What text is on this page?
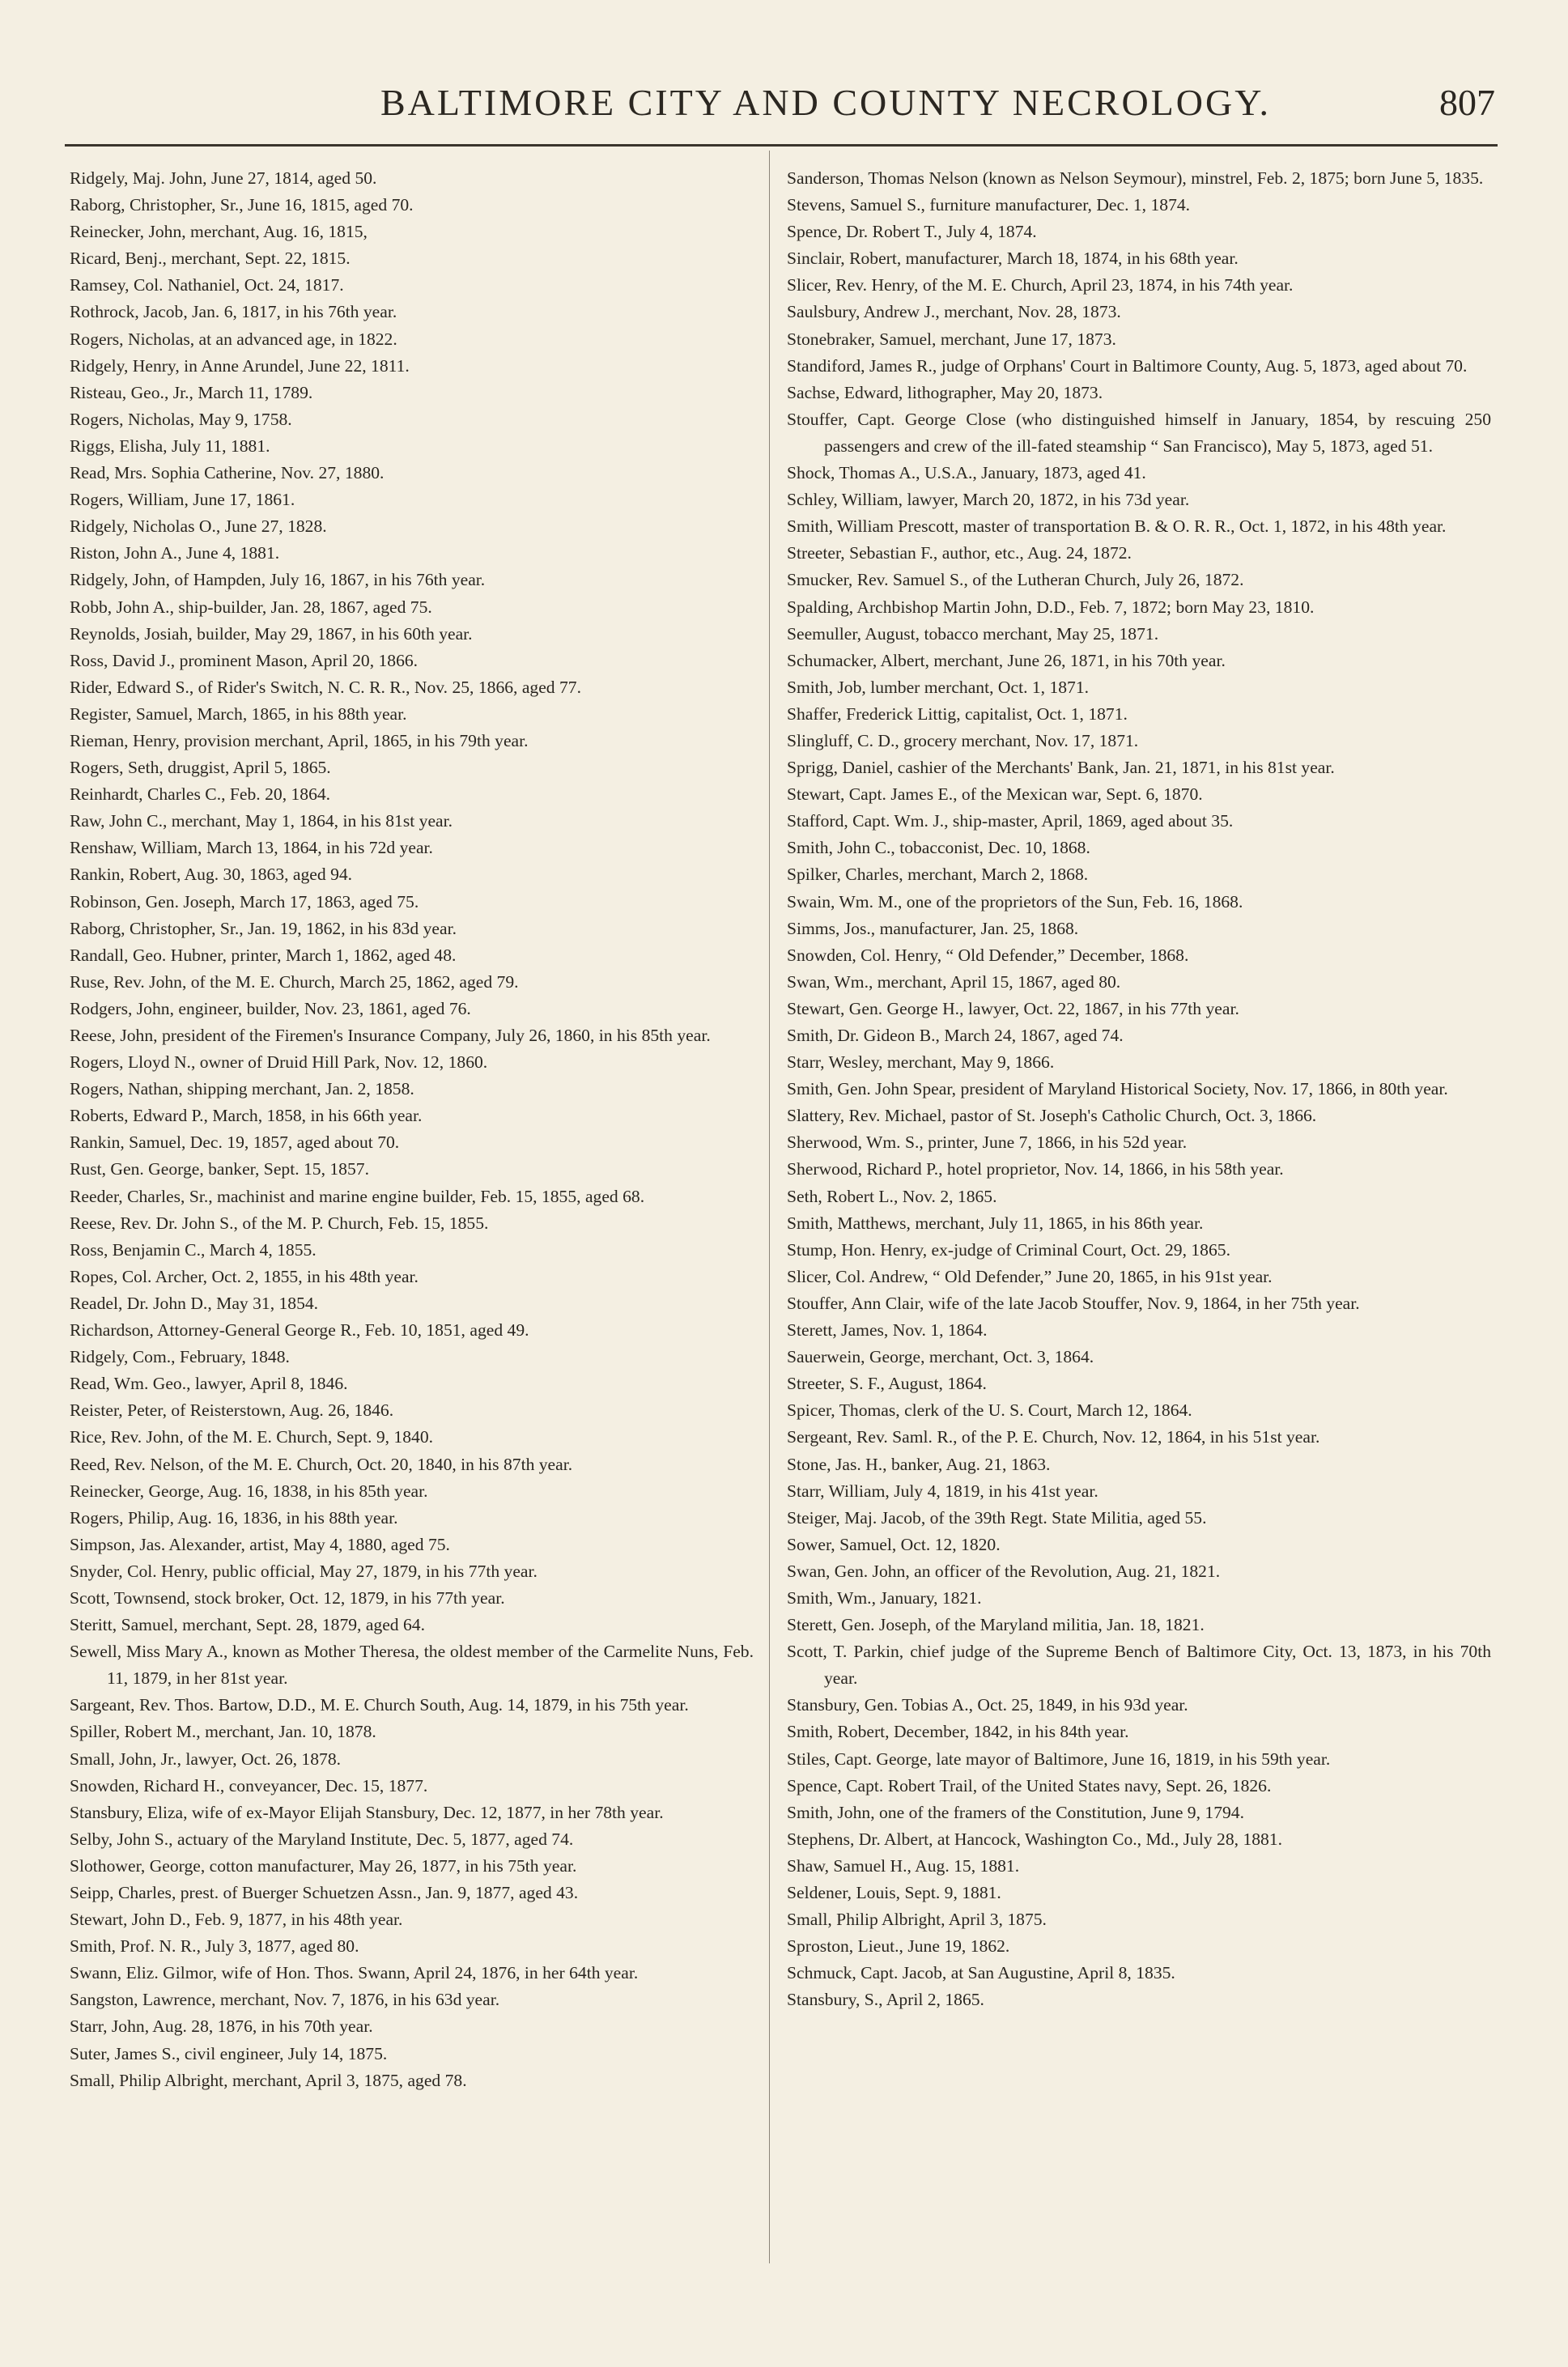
BALTIMORE CITY AND COUNTY NECROLOGY.	807
Ridgely, Maj. John, June 27, 1814, aged 50.
Raborg, Christopher, Sr., June 16, 1815, aged 70.
Reinecker, John, merchant, Aug. 16, 1815,
Ricard, Benj., merchant, Sept. 22, 1815.
Ramsey, Col. Nathaniel, Oct. 24, 1817.
Rothrock, Jacob, Jan. 6, 1817, in his 76th year.
Rogers, Nicholas, at an advanced age, in 1822.
Ridgely, Henry, in Anne Arundel, June 22, 1811.
Risteau, Geo., Jr., March 11, 1789.
Rogers, Nicholas, May 9, 1758.
Riggs, Elisha, July 11, 1881.
Read, Mrs. Sophia Catherine, Nov. 27, 1880.
Rogers, William, June 17, 1861.
Ridgely, Nicholas O., June 27, 1828.
Riston, John A., June 4, 1881.
Ridgely, John, of Hampden, July 16, 1867, in his 76th year.
Robb, John A., ship-builder, Jan. 28, 1867, aged 75.
Reynolds, Josiah, builder, May 29, 1867, in his 60th year.
Ross, David J., prominent Mason, April 20, 1866.
Rider, Edward S., of Rider's Switch, N. C. R. R., Nov. 25, 1866, aged 77.
Register, Samuel, March, 1865, in his 88th year.
Rieman, Henry, provision merchant, April, 1865, in his 79th year.
Rogers, Seth, druggist, April 5, 1865.
Reinhardt, Charles C., Feb. 20, 1864.
Raw, John C., merchant, May 1, 1864, in his 81st year.
Renshaw, William, March 13, 1864, in his 72d year.
Rankin, Robert, Aug. 30, 1863, aged 94.
Robinson, Gen. Joseph, March 17, 1863, aged 75.
Raborg, Christopher, Sr., Jan. 19, 1862, in his 83d year.
Randall, Geo. Hubner, printer, March 1, 1862, aged 48.
Ruse, Rev. John, of the M. E. Church, March 25, 1862, aged 79.
Rodgers, John, engineer, builder, Nov. 23, 1861, aged 76.
Reese, John, president of the Firemen's Insurance Company, July 26, 1860, in his 85th year.
Rogers, Lloyd N., owner of Druid Hill Park, Nov. 12, 1860.
Rogers, Nathan, shipping merchant, Jan. 2, 1858.
Roberts, Edward P., March, 1858, in his 66th year.
Rankin, Samuel, Dec. 19, 1857, aged about 70.
Rust, Gen. George, banker, Sept. 15, 1857.
Reeder, Charles, Sr., machinist and marine engine builder, Feb. 15, 1855, aged 68.
Reese, Rev. Dr. John S., of the M. P. Church, Feb. 15, 1855.
Ross, Benjamin C., March 4, 1855.
Ropes, Col. Archer, Oct. 2, 1855, in his 48th year.
Readel, Dr. John D., May 31, 1854.
Richardson, Attorney-General George R., Feb. 10, 1851, aged 49.
Ridgely, Com., February, 1848.
Read, Wm. Geo., lawyer, April 8, 1846.
Reister, Peter, of Reisterstown, Aug. 26, 1846.
Rice, Rev. John, of the M. E. Church, Sept. 9, 1840.
Reed, Rev. Nelson, of the M. E. Church, Oct. 20, 1840, in his 87th year.
Reinecker, George, Aug. 16, 1838, in his 85th year.
Rogers, Philip, Aug. 16, 1836, in his 88th year.
Simpson, Jas. Alexander, artist, May 4, 1880, aged 75.
Snyder, Col. Henry, public official, May 27, 1879, in his 77th year.
Scott, Townsend, stock broker, Oct. 12, 1879, in his 77th year.
Steritt, Samuel, merchant, Sept. 28, 1879, aged 64.
Sewell, Miss Mary A., known as Mother Theresa, the oldest member of the Carmelite Nuns, Feb. 11, 1879, in her 81st year.
Sargeant, Rev. Thos. Bartow, D.D., M. E. Church South, Aug. 14, 1879, in his 75th year.
Spiller, Robert M., merchant, Jan. 10, 1878.
Small, John, Jr., lawyer, Oct. 26, 1878.
Snowden, Richard H., conveyancer, Dec. 15, 1877.
Stansbury, Eliza, wife of ex-Mayor Elijah Stansbury, Dec. 12, 1877, in her 78th year.
Selby, John S., actuary of the Maryland Institute, Dec. 5, 1877, aged 74.
Slothower, George, cotton manufacturer, May 26, 1877, in his 75th year.
Seipp, Charles, prest. of Buerger Schuetzen Assn., Jan. 9, 1877, aged 43.
Stewart, John D., Feb. 9, 1877, in his 48th year.
Smith, Prof. N. R., July 3, 1877, aged 80.
Swann, Eliz. Gilmor, wife of Hon. Thos. Swann, April 24, 1876, in her 64th year.
Sangston, Lawrence, merchant, Nov. 7, 1876, in his 63d year.
Starr, John, Aug. 28, 1876, in his 70th year.
Suter, James S., civil engineer, July 14, 1875.
Small, Philip Albright, merchant, April 3, 1875, aged 78.
Sanderson, Thomas Nelson (known as Nelson Seymour), minstrel, Feb. 2, 1875; born June 5, 1835.
Stevens, Samuel S., furniture manufacturer, Dec. 1, 1874.
Spence, Dr. Robert T., July 4, 1874.
Sinclair, Robert, manufacturer, March 18, 1874, in his 68th year.
Slicer, Rev. Henry, of the M. E. Church, April 23, 1874, in his 74th year.
Saulsbury, Andrew J., merchant, Nov. 28, 1873.
Stonebraker, Samuel, merchant, June 17, 1873.
Standiford, James R., judge of Orphans' Court in Baltimore County, Aug. 5, 1873, aged about 70.
Sachse, Edward, lithographer, May 20, 1873.
Stouffer, Capt. George Close (who distinguished himself in January, 1854, by rescuing 250 passengers and crew of the ill-fated steamship “ San Francisco), May 5, 1873, aged 51.
Shock, Thomas A., U.S.A., January, 1873, aged 41.
Schley, William, lawyer, March 20, 1872, in his 73d year.
Smith, William Prescott, master of transportation B. & O. R. R., Oct. 1, 1872, in his 48th year.
Streeter, Sebastian F., author, etc., Aug. 24, 1872.
Smucker, Rev. Samuel S., of the Lutheran Church, July 26, 1872.
Spalding, Archbishop Martin John, D.D., Feb. 7, 1872; born May 23, 1810.
Seemuller, August, tobacco merchant, May 25, 1871.
Schumacker, Albert, merchant, June 26, 1871, in his 70th year.
Smith, Job, lumber merchant, Oct. 1, 1871.
Shaffer, Frederick Littig, capitalist, Oct. 1, 1871.
Slingluff, C. D., grocery merchant, Nov. 17, 1871.
Sprigg, Daniel, cashier of the Merchants' Bank, Jan. 21, 1871, in his 81st year.
Stewart, Capt. James E., of the Mexican war, Sept. 6, 1870.
Stafford, Capt. Wm. J., ship-master, April, 1869, aged about 35.
Smith, John C., tobacconist, Dec. 10, 1868.
Spilker, Charles, merchant, March 2, 1868.
Swain, Wm. M., one of the proprietors of the Sun, Feb. 16, 1868.
Simms, Jos., manufacturer, Jan. 25, 1868.
Snowden, Col. Henry, “ Old Defender,” December, 1868.
Swan, Wm., merchant, April 15, 1867, aged 80.
Stewart, Gen. George H., lawyer, Oct. 22, 1867, in his 77th year.
Smith, Dr. Gideon B., March 24, 1867, aged 74.
Starr, Wesley, merchant, May 9, 1866.
Smith, Gen. John Spear, president of Maryland Historical Society, Nov. 17, 1866, in 80th year.
Slattery, Rev. Michael, pastor of St. Joseph's Catholic Church, Oct. 3, 1866.
Sherwood, Wm. S., printer, June 7, 1866, in his 52d year.
Sherwood, Richard P., hotel proprietor, Nov. 14, 1866, in his 58th year.
Seth, Robert L., Nov. 2, 1865.
Smith, Matthews, merchant, July 11, 1865, in his 86th year.
Stump, Hon. Henry, ex-judge of Criminal Court, Oct. 29, 1865.
Slicer, Col. Andrew, “ Old Defender,” June 20, 1865, in his 91st year.
Stouffer, Ann Clair, wife of the late Jacob Stouffer, Nov. 9, 1864, in her 75th year.
Sterett, James, Nov. 1, 1864.
Sauerwein, George, merchant, Oct. 3, 1864.
Streeter, S. F., August, 1864.
Spicer, Thomas, clerk of the U. S. Court, March 12, 1864.
Sergeant, Rev. Saml. R., of the P. E. Church, Nov. 12, 1864, in his 51st year.
Stone, Jas. H., banker, Aug. 21, 1863.
Starr, William, July 4, 1819, in his 41st year.
Steiger, Maj. Jacob, of the 39th Regt. State Militia, aged 55.
Sower, Samuel, Oct. 12, 1820.
Swan, Gen. John, an officer of the Revolution, Aug. 21, 1821.
Smith, Wm., January, 1821.
Sterett, Gen. Joseph, of the Maryland militia, Jan. 18, 1821.
Scott, T. Parkin, chief judge of the Supreme Bench of Baltimore City, Oct. 13, 1873, in his 70th year.
Stansbury, Gen. Tobias A., Oct. 25, 1849, in his 93d year.
Smith, Robert, December, 1842, in his 84th year.
Stiles, Capt. George, late mayor of Baltimore, June 16, 1819, in his 59th year.
Spence, Capt. Robert Trail, of the United States navy, Sept. 26, 1826.
Smith, John, one of the framers of the Constitution, June 9, 1794.
Stephens, Dr. Albert, at Hancock, Washington Co., Md., July 28, 1881.
Shaw, Samuel H., Aug. 15, 1881.
Seldener, Louis, Sept. 9, 1881.
Small, Philip Albright, April 3, 1875.
Sproston, Lieut., June 19, 1862.
Schmuck, Capt. Jacob, at San Augustine, April 8, 1835.
Stansbury, S., April 2, 1865.
